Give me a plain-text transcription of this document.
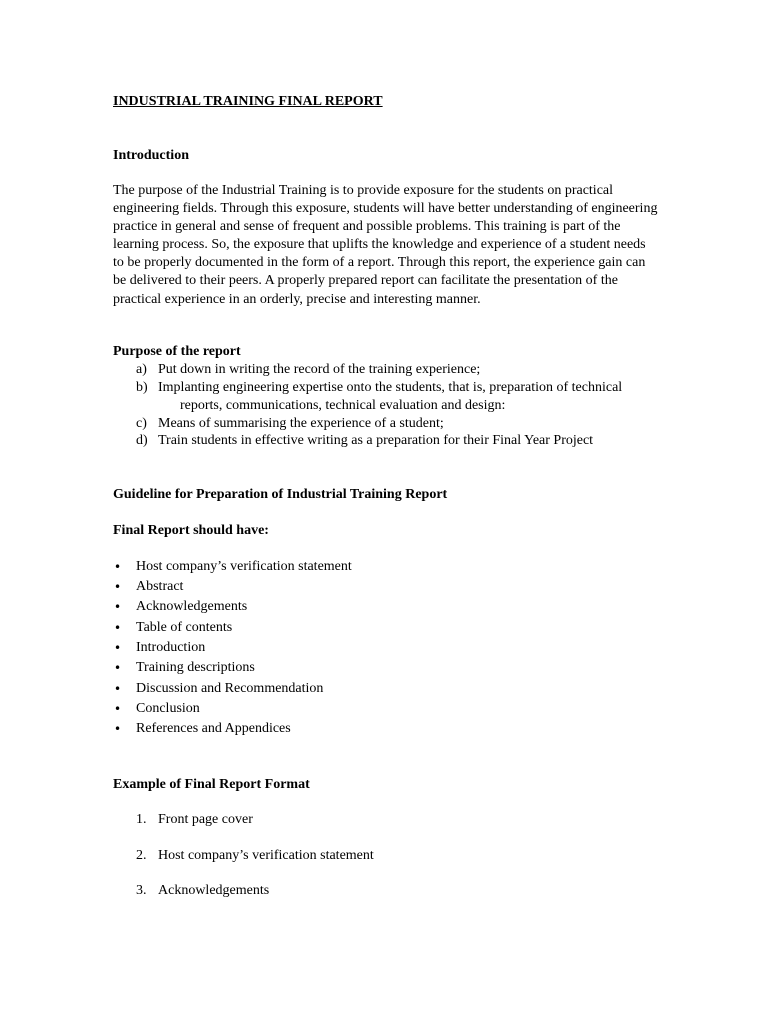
INDUSTRIAL TRAINING FINAL REPORT
Introduction
The purpose of the Industrial Training is to provide exposure for the students on practical
engineering fields. Through this exposure, students will have better understanding of engineering
practice in general and sense of frequent and possible problems. This training is part of the
learning process. So, the exposure that uplifts the knowledge and experience of a student needs
to be properly documented in the form of a report. Through this report, the experience gain can
be delivered to their peers. A properly prepared report can facilitate the presentation of the
practical experience in an orderly, precise and interesting manner.
Purpose of the report
a) Put down in writing the record of the training experience;
b) Implanting engineering expertise onto the students, that is, preparation of technical
reports, communications, technical evaluation and design:
c) Means of summarising the experience of a student;
d) Train students in effective writing as a preparation for their Final Year Project
Guideline for Preparation of Industrial Training Report
Final Report should have:
• Host company’s verification statement
• Abstract
• Acknowledgements
• Table of contents
• Introduction
• Training descriptions
• Discussion and Recommendation
• Conclusion
• References and Appendices
Example of Final Report Format
1. Front page cover
2. Host company’s verification statement
3. Acknowledgements
